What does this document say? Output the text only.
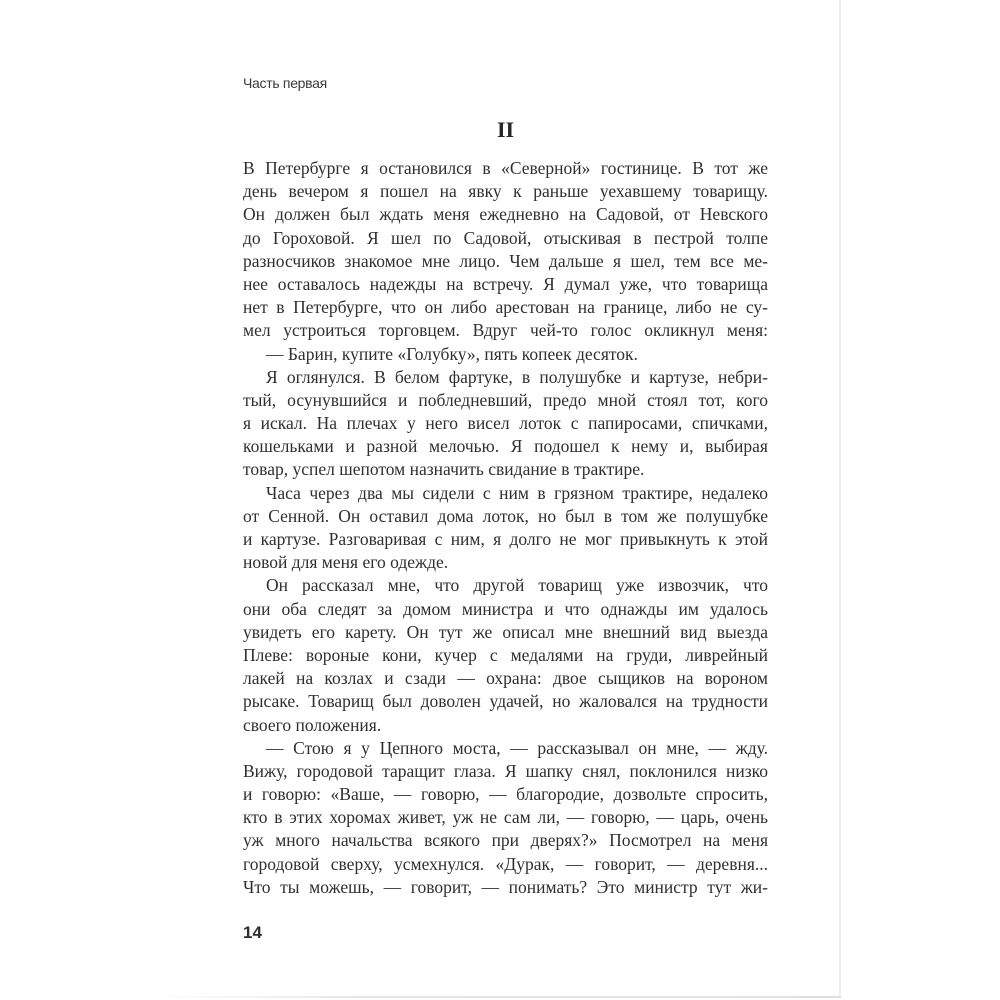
Часть первая
II
В Петербурге я остановился в «Северной» гостинице. В тот же
день вечером я пошел на явку к раньше уехавшему товарищу.
Он должен был ждать меня ежедневно на Садовой, от Невского
до Гороховой. Я шел по Садовой, отыскивая в пестрой толпе
разносчиков знакомое мне лицо. Чем дальше я шел, тем все ме-
нее оставалось надежды на встречу. Я думал уже, что товарища
нет в Петербурге, что он либо арестован на границе, либо не су-
мел устроиться торговцем. Вдруг чей-то голос окликнул меня:
— Барин, купите «Голубку», пять копеек десяток.
Я оглянулся. В белом фартуке, в полушубке и картузе, небри-
тый, осунувшийся и побледневший, предо мной стоял тот, кого
я искал. На плечах у него висел лоток с папиросами, спичками,
кошельками и разной мелочью. Я подошел к нему и, выбирая
товар, успел шепотом назначить свидание в трактире.
Часа через два мы сидели с ним в грязном трактире, недалеко
от Сенной. Он оставил дома лоток, но был в том же полушубке
и картузе. Разговаривая с ним, я долго не мог привыкнуть к этой
новой для меня его одежде.
Он рассказал мне, что другой товарищ уже извозчик, что
они оба следят за домом министра и что однажды им удалось
увидеть его карету. Он тут же описал мне внешний вид выезда
Плеве: вороные кони, кучер с медалями на груди, ливрейный
лакей на козлах и сзади — охрана: двое сыщиков на вороном
рысаке. Товарищ был доволен удачей, но жаловался на трудности
своего положения.
— Стою я у Цепного моста, — рассказывал он мне, — жду.
Вижу, городовой таращит глаза. Я шапку снял, поклонился низко
и говорю: «Ваше, — говорю, — благородие, дозвольте спросить,
кто в этих хоромах живет, уж не сам ли, — говорю, — царь, очень
уж много начальства всякого при дверях?» Посмотрел на меня
городовой сверху, усмехнулся. «Дурак, — говорит, — деревня...
Что ты можешь, — говорит, — понимать? Это министр тут жи-
14
